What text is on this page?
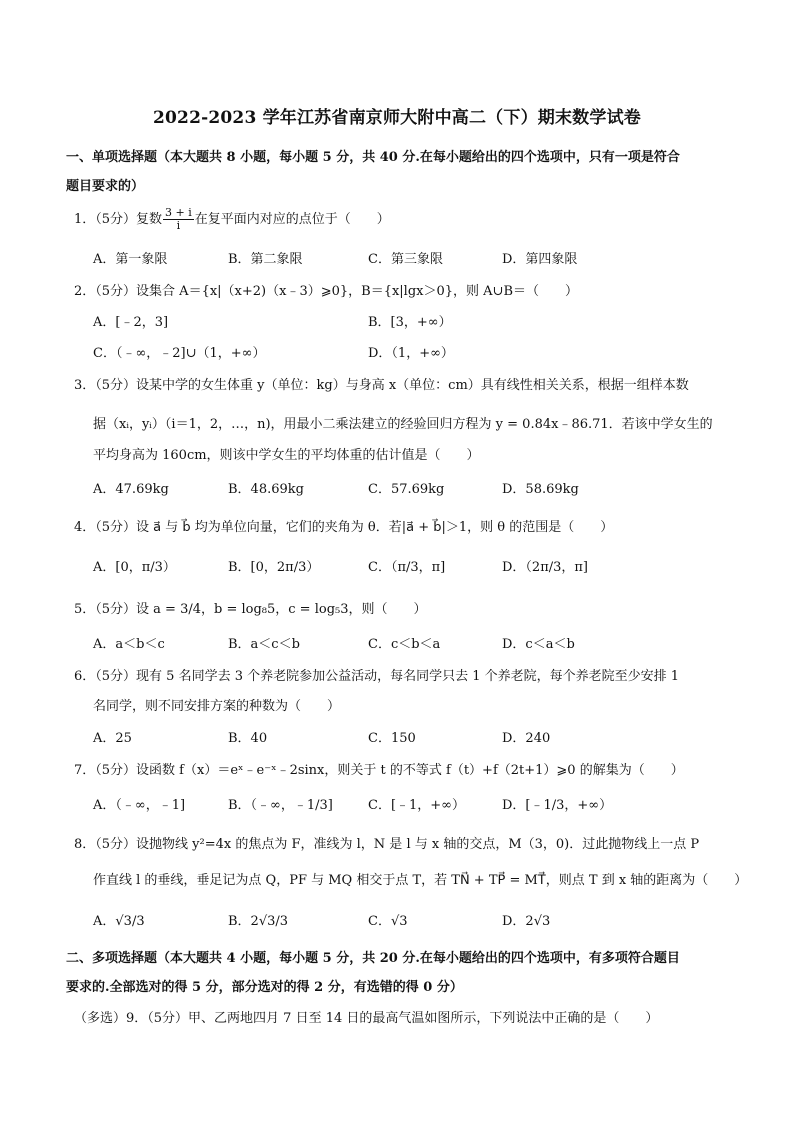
2022-2023 学年江苏省南京师大附中高二（下）期末数学试卷
一、单项选择题（本大题共 8 小题，每小题 5 分，共 40 分.在每小题给出的四个选项中，只有一项是符合
题目要求的）
1．（5分）复数 $\frac{3 + i}{i}$ 在复平面内对应的点位于（　　）
A．第一象限	B．第二象限	C．第三象限	D．第四象限
2．（5分）设集合 A＝{x|（x+2)（x﹣3）⩾0}，B＝{x|lgx＞0}，则 A∪B＝（　　）
A．[﹣2，3]	B．[3，+∞）
C．（﹣∞，﹣2]∪（1，+∞）	D．（1，+∞）
3．（5分）设某中学的女生体重 y（单位：kg）与身高 x（单位：cm）具有线性相关关系，根据一组样本数
据（xᵢ，yᵢ）（i＝1，2，…，n)，用最小二乘法建立的经验回归方程为 y = 0.84x﹣86.71．若该中学女生的
平均身高为 160cm，则该中学女生的平均体重的估计值是（　　）
A．47.69kg	B．48.69kg	C．57.69kg	D．58.69kg
4．（5分）设 a⃗ 与 b⃗ 均为单位向量，它们的夹角为 θ．若|a⃗ + b⃗|＞1，则 θ 的范围是（　　）
A．[0，π/3）	B．[0，2π/3）	C．（π/3，π]	D．（2π/3，π]
5．（5分）设 a = 3/4，b = log₈5，c = log₅3，则（　　）
A．a＜b＜c	B．a＜c＜b	C．c＜b＜a	D．c＜a＜b
6．（5分）现有 5 名同学去 3 个养老院参加公益活动，每名同学只去 1 个养老院，每个养老院至少安排 1
名同学，则不同安排方案的种数为（　　）
A．25	B．40	C．150	D．240
7．（5分）设函数 f（x）＝eˣ﹣e⁻ˣ﹣2sinx，则关于 t 的不等式 f（t）+f（2t+1）⩾0 的解集为（　　）
A．（﹣∞，﹣1]	B．（﹣∞，﹣1/3]	C．[﹣1，+∞）	D．[﹣1/3，+∞）
8．（5分）设抛物线 y²=4x 的焦点为 F，准线为 l，N 是 l 与 x 轴的交点，M（3，0)．过此抛物线上一点 P
作直线 l 的垂线，垂足记为点 Q，PF 与 MQ 相交于点 T，若 TN⃗ + TP⃗ = MT⃗，则点 T 到 x 轴的距离为（　　）
A．√3/3	B．2√3/3	C．√3	D．2√3
二、多项选择题（本大题共 4 小题，每小题 5 分，共 20 分.在每小题给出的四个选项中，有多项符合题目
要求的.全部选对的得 5 分，部分选对的得 2 分，有选错的得 0 分）
（多选）9．（5分）甲、乙两地四月 7 日至 14 日的最高气温如图所示，下列说法中正确的是（　　）
